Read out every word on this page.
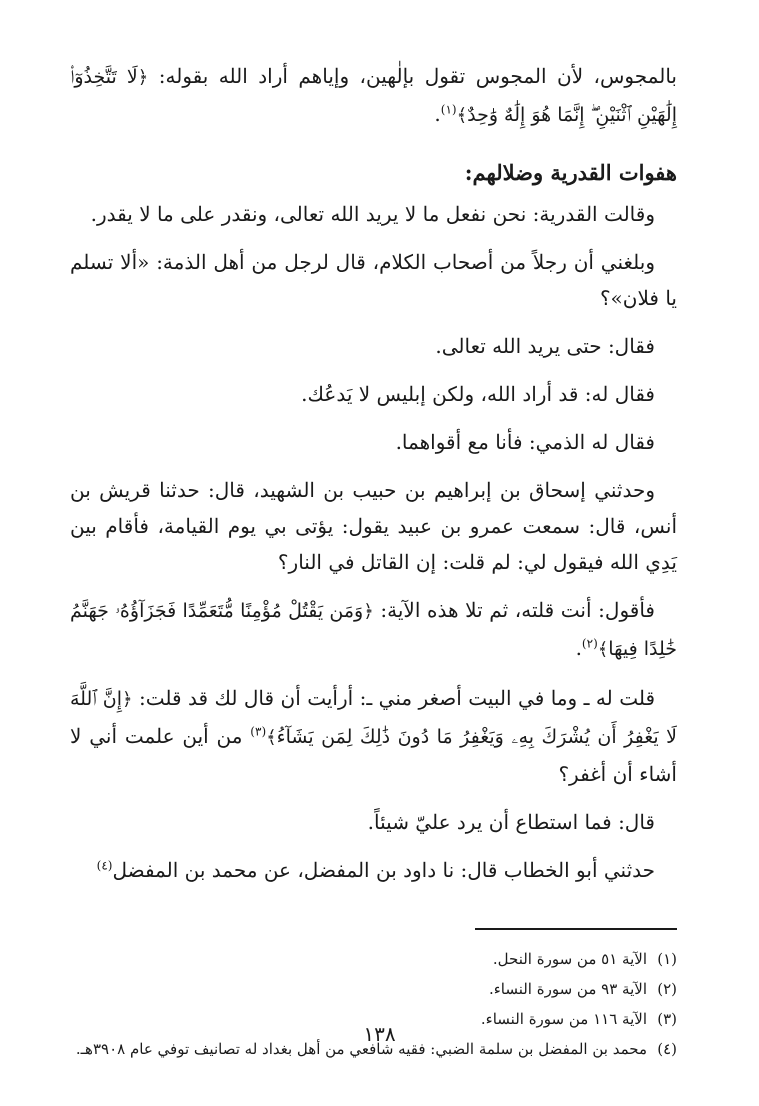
بالمجوس، لأن المجوس تقول بإلٰهين، وإياهم أراد الله بقوله: ﴿لَا تَتَّخِذُوٓا۟ إِلَٰهَيْنِ ٱثْنَيْنِ ۖ إِنَّمَا هُوَ إِلَٰهٌ وَٰحِدٌ﴾$^{(١)}$.

هفوات القدرية وضلالهم:

وقالت القدرية: نحن نفعل ما لا يريد الله تعالى، ونقدر على ما لا يقدر.

وبلغني أن رجلاً من أصحاب الكلام، قال لرجل من أهل الذمة: «ألا تسلم يا فلان»؟

فقال: حتى يريد الله تعالى.

فقال له: قد أراد الله، ولكن إبليس لا يَدعُك.

فقال له الذمي: فأنا مع أقواهما.

وحدثني إسحاق بن إبراهيم بن حبيب بن الشهيد، قال: حدثنا قريش بن أنس، قال: سمعت عمرو بن عبيد يقول: يؤتى بي يوم القيامة، فأقام بين يَدِي الله فيقول لي: لم قلت: إن القاتل في النار؟

فأقول: أنت قلته، ثم تلا هذه الآية: ﴿وَمَن يَقْتُلْ مُؤْمِنًا مُّتَعَمِّدًا فَجَزَآؤُهُۥ جَهَنَّمُ خَٰلِدًا فِيهَا﴾$^{(٢)}$.

قلت له ـ وما في البيت أصغر مني ـ: أرأيت أن قال لك قد قلت: ﴿إِنَّ ٱللَّهَ لَا يَغْفِرُ أَن يُشْرَكَ بِهِۦ وَيَغْفِرُ مَا دُونَ ذَٰلِكَ لِمَن يَشَآءُ﴾$^{(٣)}$ من أين علمت أني لا أشاء أن أغفر؟

قال: فما استطاع أن يرد عليّ شيئاً.

حدثني أبو الخطاب قال: نا داود بن المفضل، عن محمد بن المفضل$^{(٤)}$

(١)الآية ٥١ من سورة النحل.

(٢)الآية ٩٣ من سورة النساء.

(٣)الآية ١١٦ من سورة النساء.

(٤)محمد بن المفضل بن سلمة الضبي: فقيه شافعي من أهل بغداد له تصانيف توفي عام ٣٩٠٨هـ.

١٣٨
